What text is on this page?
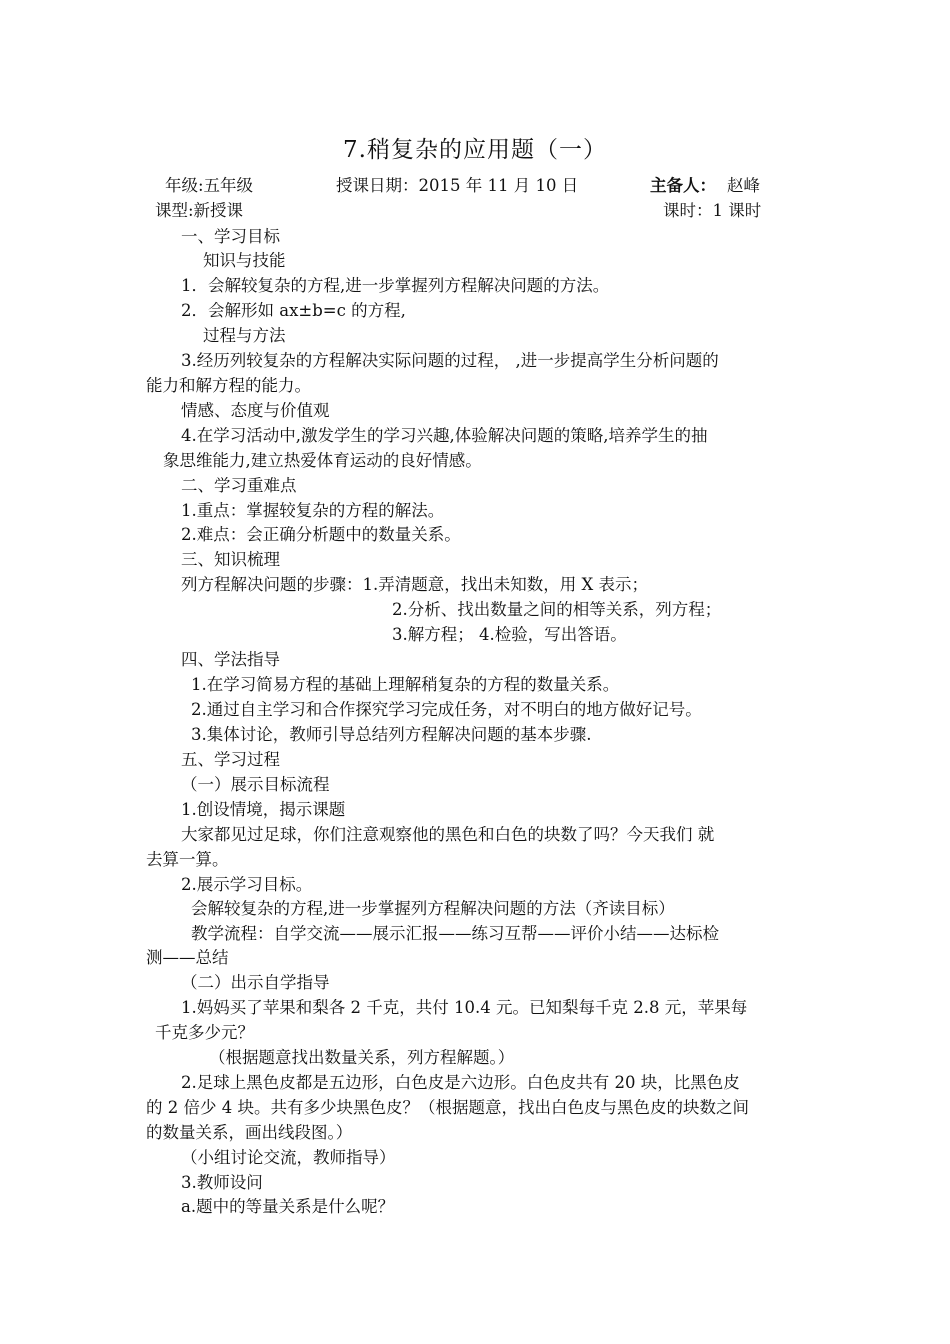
7.稍复杂的应用题（一）
年级:五年级	授课日期：2015 年 11 月 10 日	主备人： 赵峰
课型:新授课	课时：1 课时
一、学习目标
知识与技能
1．会解较复杂的方程,进一步掌握列方程解决问题的方法。
2．会解形如 ax±b=c 的方程,
过程与方法
3.经历列较复杂的方程解决实际问题的过程， ,进一步提高学生分析问题的
能力和解方程的能力。
情感、态度与价值观
4.在学习活动中,激发学生的学习兴趣,体验解决问题的策略,培养学生的抽
象思维能力,建立热爱体育运动的良好情感。
二、学习重难点
1.重点：掌握较复杂的方程的解法。
2.难点：会正确分析题中的数量关系。
三、知识梳理
列方程解决问题的步骤：1.弄清题意，找出未知数，用 X 表示；
2.分析、找出数量之间的相等关系，列方程；
3.解方程； 4.检验，写出答语。
四、学法指导
1.在学习简易方程的基础上理解稍复杂的方程的数量关系。
2.通过自主学习和合作探究学习完成任务，对不明白的地方做好记号。
3.集体讨论，教师引导总结列方程解决问题的基本步骤.
五、学习过程
（一）展示目标流程
1.创设情境，揭示课题
大家都见过足球，你们注意观察他的黑色和白色的块数了吗？今天我们 就
去算一算。
2.展示学习目标。
会解较复杂的方程,进一步掌握列方程解决问题的方法（齐读目标）
教学流程：自学交流——展示汇报——练习互帮——评价小结——达标检
测——总结
（二）出示自学指导
1.妈妈买了苹果和梨各 2 千克，共付 10.4 元。已知梨每千克 2.8 元，苹果每
千克多少元？
（根据题意找出数量关系，列方程解题。）
2.足球上黑色皮都是五边形，白色皮是六边形。白色皮共有 20 块，比黑色皮
的 2 倍少 4 块。共有多少块黑色皮？（根据题意，找出白色皮与黑色皮的块数之间
的数量关系，画出线段图。）
（小组讨论交流，教师指导）
3.教师设问
a.题中的等量关系是什么呢？
